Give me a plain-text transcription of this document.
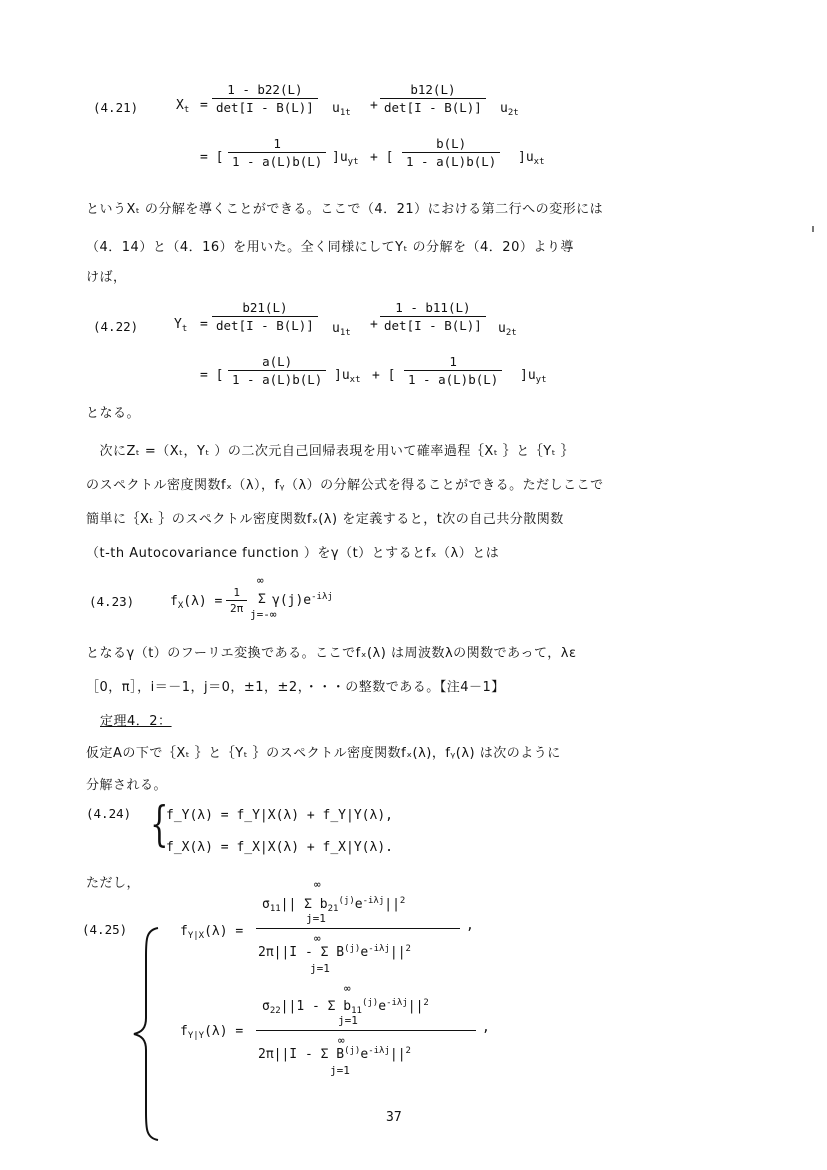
(4.21)	$X_t$ =
1 - b22(L)
det[I - B(L)]	$u_{1t}$ +
b12(L)
det[I - B(L)]	$u_{2t}$
= [
1
1 - a(L)b(L) ]$u_{yt}$ + [
b(L)
1 - a(L)b(L)	]$u_{xt}$
というXₜ の分解を導くことができる。ここで（4．21）における第二行への変形には
（4．14）と（4．16）を用いた。全く同様にしてYₜ の分解を（4．20）より導
けば，
(4.22)	$Y_t$ =
b21(L)
det[I - B(L)]	$u_{1t}$
+
1 - b11(L)
det[I - B(L)]	$u_{2t}$
= [
a(L)
1 - a(L)b(L) ]$u_{xt}$ + [
1
1 - a(L)b(L)	]$u_{yt}$
となる。
　次にZₜ =（Xₜ，Yₜ ）の二次元自己回帰表現を用いて確率過程｛Xₜ ｝と｛Yₜ ｝
のスペクトル密度関数fₓ（λ），fᵧ（λ）の分解公式を得ることができる。ただしここで
簡単に｛Xₜ ｝のスペクトル密度関数fₓ(λ) を定義すると，t次の自己共分散関数
（t-th Autocovariance function ）をγ（t）とするとfₓ（λ）とは
(4.23)	$f_X(\lambda)$ =
1
2π
∞
Σ
j=-∞
$\gamma(j)e^{-i\lambda j}$
となるγ（t）のフーリエ変換である。ここでfₓ(λ) は周波数λの関数であって，λε
［0，π］，i＝－1，j＝0，±1，±2，・・・の整数である。【注4－1】
定理4．2：
仮定Aの下で｛Xₜ ｝と｛Yₜ ｝のスペクトル密度関数fₓ(λ)，fᵧ(λ) は次のように
分解される。
(4.24) {
f_Y(λ) = f_Y|X(λ) + f_Y|Y(λ),
f_X(λ) = f_X|X(λ) + f_X|Y(λ).
ただし，
(4.25)	$f_{Y|X}(\lambda)$ =
∞
$\sigma_{11}||$ Σ $b_{21}^{(j)}e^{-i\lambda j}||^2$
j=1	,
∞
2π||I - Σ $B^{(j)}e^{-i\lambda j}||^2$
j=1
$f_{Y|Y}(\lambda)$ =
∞
$\sigma_{22}||1$ - Σ $b_{11}^{(j)}e^{-i\lambda j}||^2$
j=1	,
∞
2π||I - Σ $B^{(j)}e^{-i\lambda j}||^2$
j=1
37
